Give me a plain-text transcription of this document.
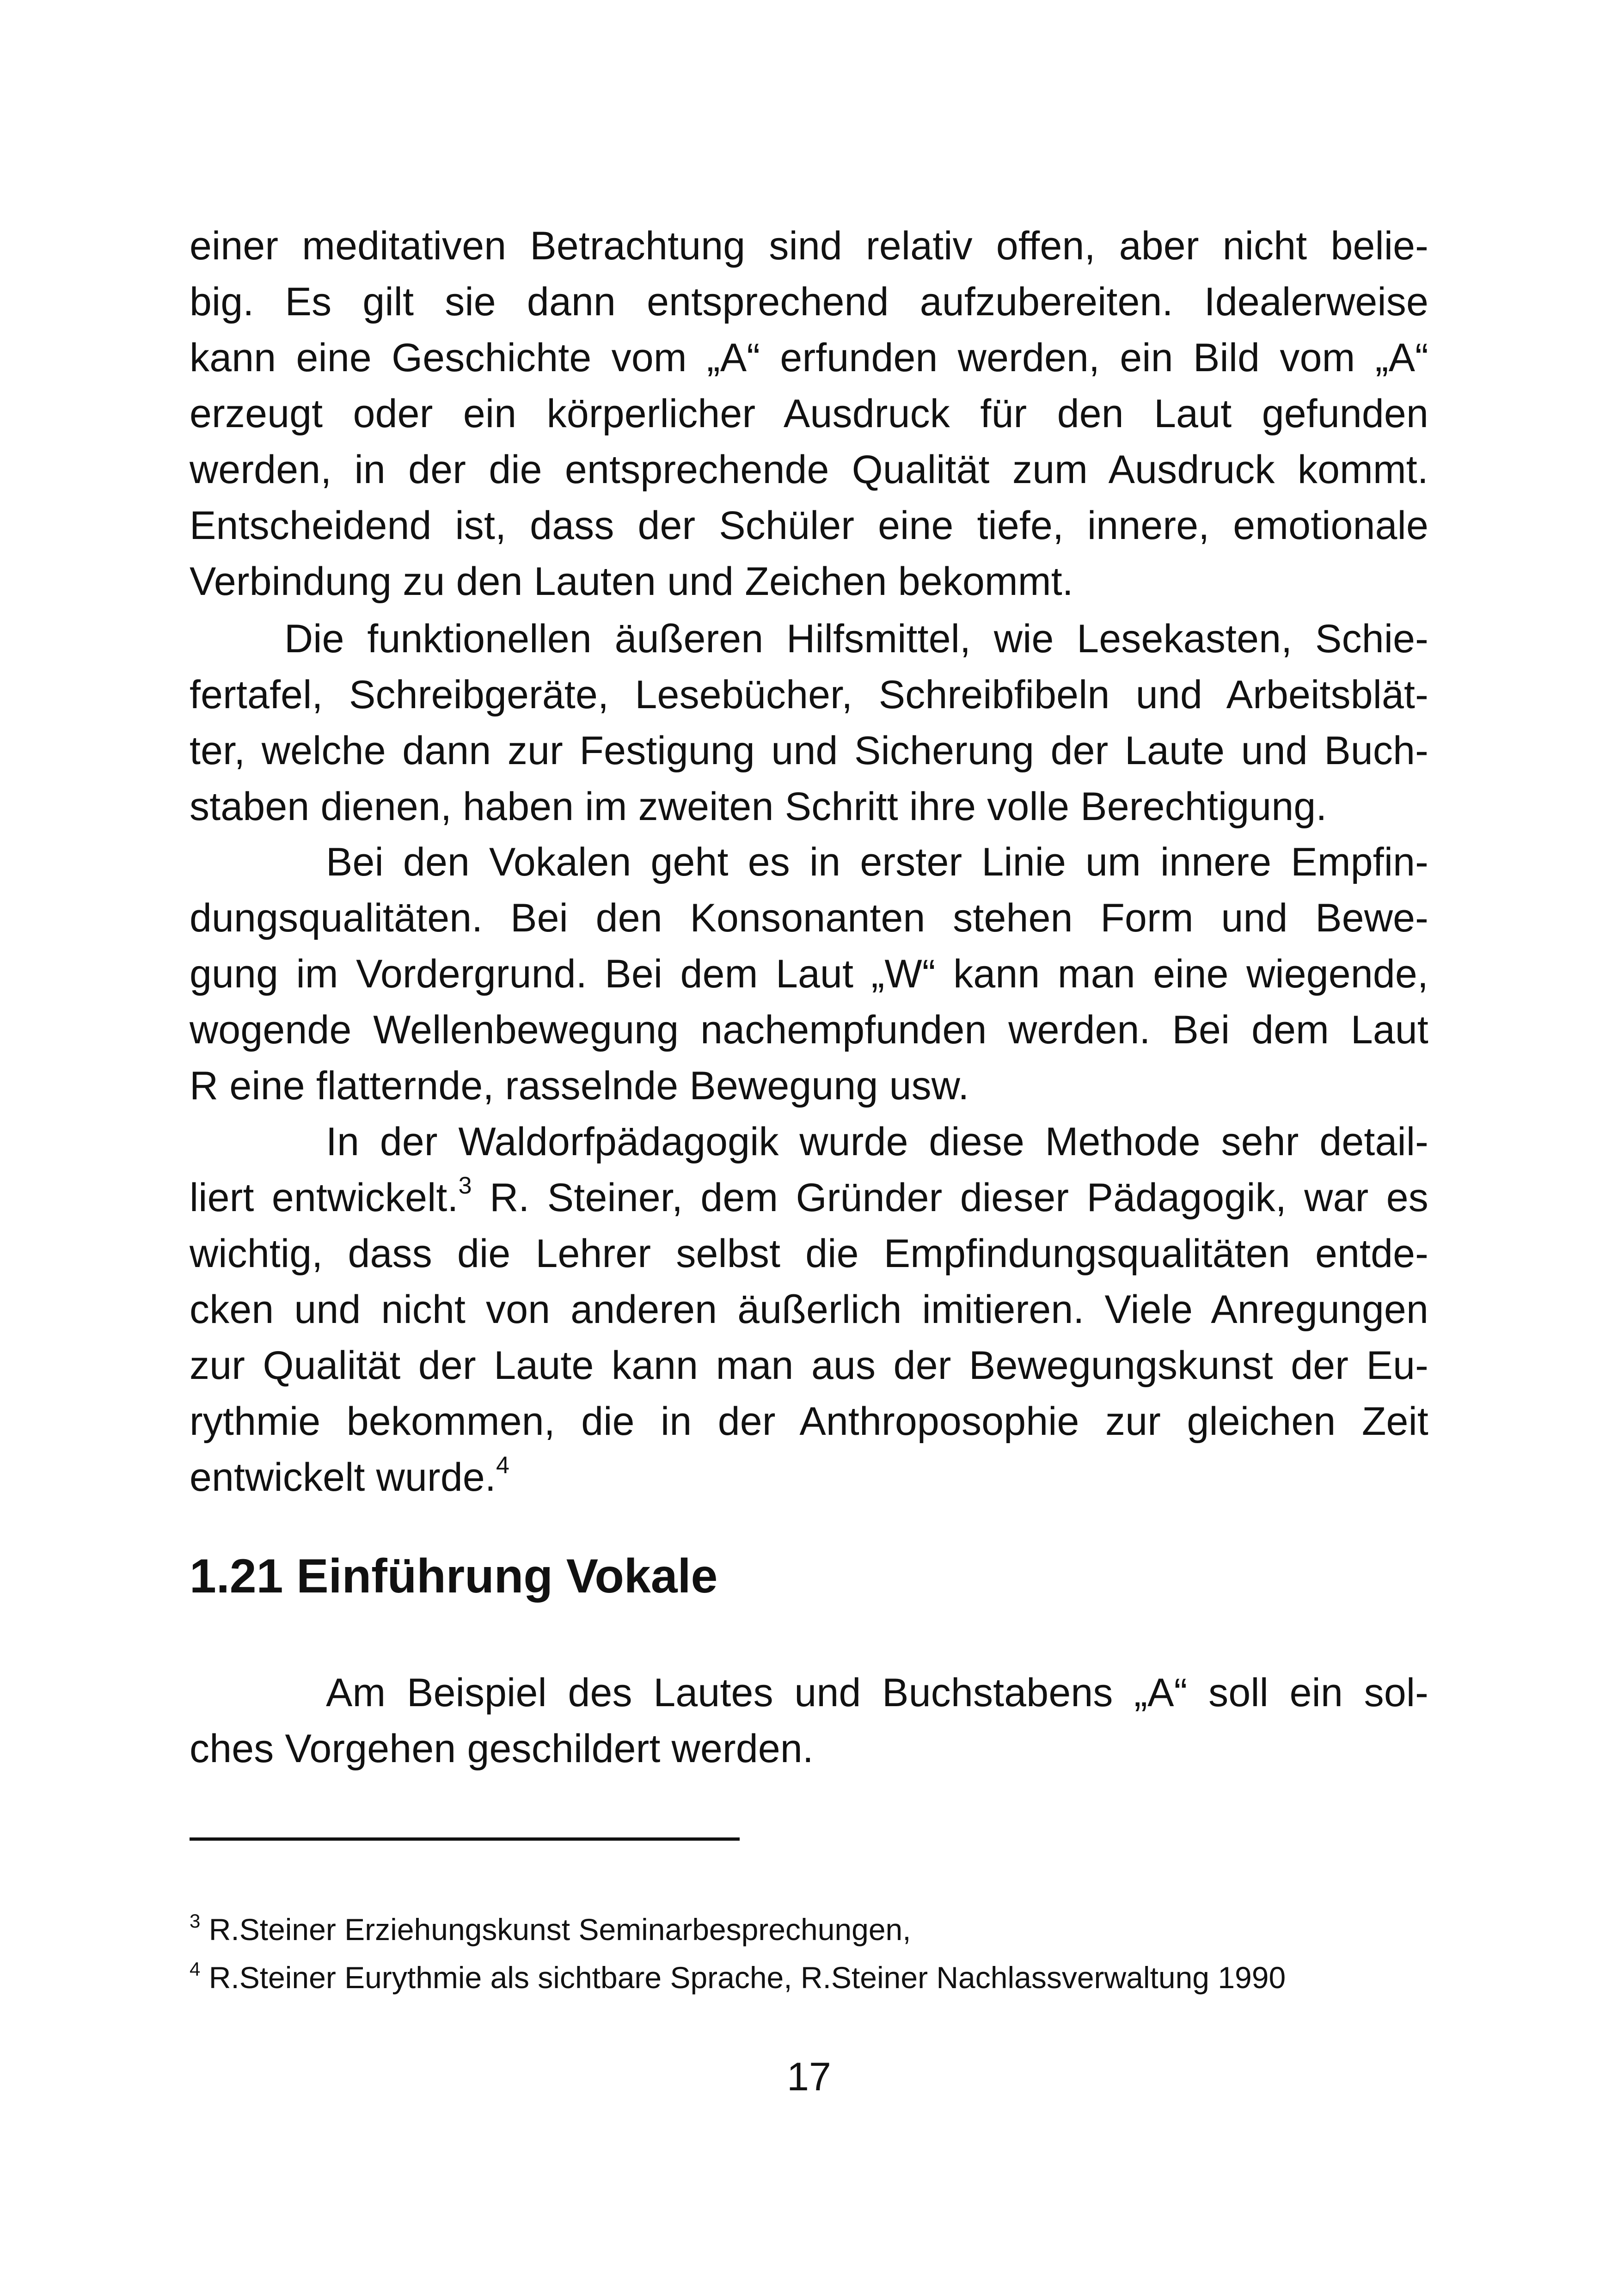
einer meditativen Betrachtung sind relativ offen, aber nicht belie-
big. Es gilt sie dann entsprechend aufzubereiten. Idealerweise
kann eine Geschichte vom „A“ erfunden werden, ein Bild vom „A“
erzeugt oder ein körperlicher Ausdruck für den Laut gefunden
werden, in der die entsprechende Qualität zum Ausdruck kommt.
Entscheidend ist, dass der Schüler eine tiefe, innere, emotionale
Verbindung zu den Lauten und Zeichen bekommt.
Die funktionellen äußeren Hilfsmittel, wie Lesekasten, Schie-
fertafel, Schreibgeräte, Lesebücher, Schreibfibeln und Arbeitsblät-
ter, welche dann zur Festigung und Sicherung der Laute und Buch-
staben dienen, haben im zweiten Schritt ihre volle Berechtigung.
Bei den Vokalen geht es in erster Linie um innere Empfin-
dungsqualitäten. Bei den Konsonanten stehen Form und Bewe-
gung im Vordergrund. Bei dem Laut „W“ kann man eine wiegende,
wogende Wellenbewegung nachempfunden werden. Bei dem Laut
R eine flatternde, rasselnde Bewegung usw.
In der Waldorfpädagogik wurde diese Methode sehr detail-
liert entwickelt.$^3$ R. Steiner, dem Gründer dieser Pädagogik, war es
wichtig, dass die Lehrer selbst die Empfindungsqualitäten entde-
cken und nicht von anderen äußerlich imitieren. Viele Anregungen
zur Qualität der Laute kann man aus der Bewegungskunst der Eu-
rythmie bekommen, die in der Anthroposophie zur gleichen Zeit
entwickelt wurde.$^4$
1.21 Einführung Vokale
Am Beispiel des Lautes und Buchstabens „A“ soll ein sol-
ches Vorgehen geschildert werden.
$^3$ R.Steiner Erziehungskunst Seminarbesprechungen,
$^4$ R.Steiner Eurythmie als sichtbare Sprache, R.Steiner Nachlassverwaltung 1990
17
